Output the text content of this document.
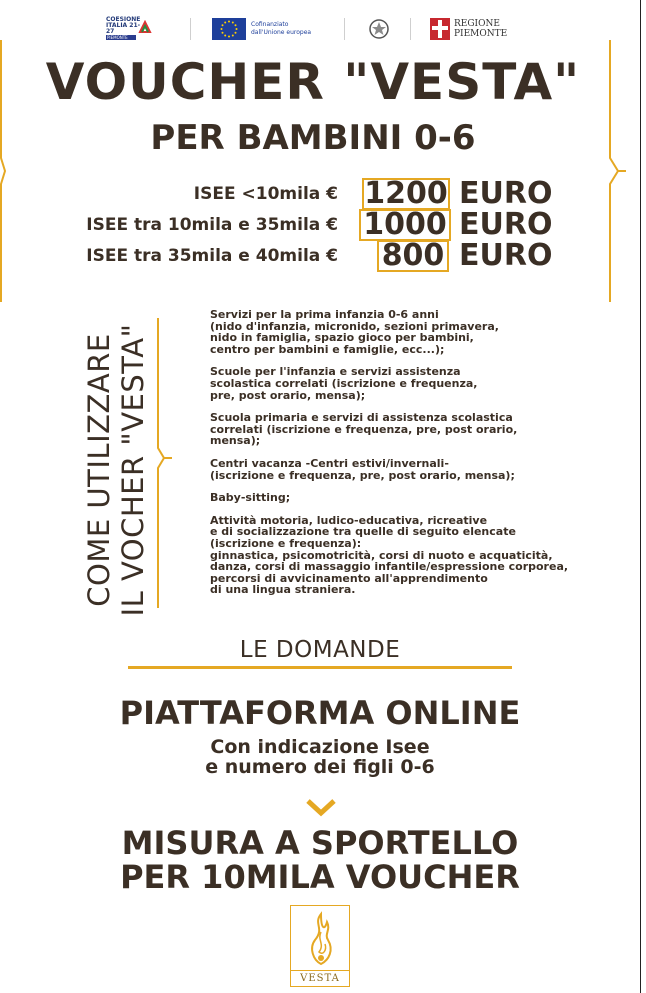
COESIONE ITALIA 21-27
PIEMONTE
Cofinanziato dall'Unione europea
REGIONE
PIEMONTE
VOUCHER "VESTA"
PER BAMBINI 0-6
ISEE <10mila € 1200 EURO
ISEE tra 10mila e 35mila € 1000 EURO
ISEE tra 35mila e 40mila € 800 EURO
COME UTILIZZARE IL VOCHER "VESTA"

Servizi per la prima infanzia 0-6 anni
(nido d'infanzia, micronido, sezioni primavera,
nido in famiglia, spazio gioco per bambini,
centro per bambini e famiglie, ecc...);

Scuole per l'infanzia e servizi assistenza
scolastica correlati (iscrizione e frequenza,
pre, post orario, mensa);

Scuola primaria e servizi di assistenza scolastica
correlati (iscrizione e frequenza, pre, post orario,
mensa);

Centri vacanza -Centri estivi/invernali-
(iscrizione e frequenza, pre, post orario, mensa);

Baby-sitting;

Attività motoria, ludico-educativa, ricreative
e di socializzazione tra quelle di seguito elencate
(iscrizione e frequenza):
ginnastica, psicomotricità, corsi di nuoto e acquaticità,
danza, corsi di massaggio infantile/espressione corporea,
percorsi di avvicinamento all'apprendimento
di una lingua straniera.

LE DOMANDE
PIATTAFORMA ONLINE
Con indicazione Isee
e numero dei figli 0-6
MISURA A SPORTELLO
PER 10MILA VOUCHER
VESTA
